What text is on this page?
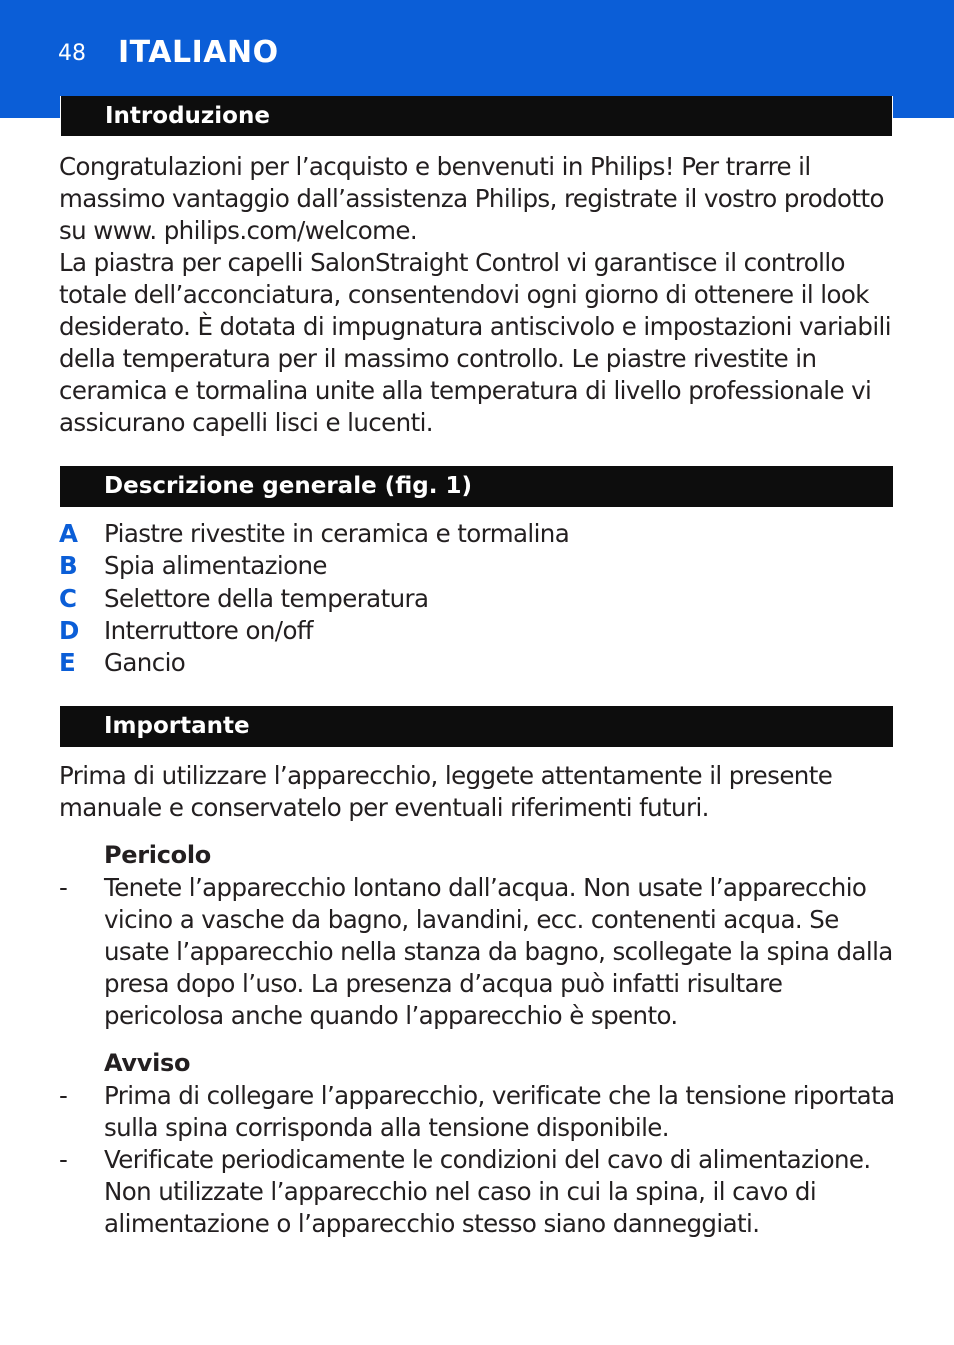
48 ITALIANO
Introduzione

Congratulazioni per l’acquisto e benvenuti in Philips! Per trarre il massimo vantaggio dall’assistenza Philips, registrate il vostro prodotto su www. philips.com/welcome.

La piastra per capelli SalonStraight Control vi garantisce il controllo totale dell’acconciatura, consentendovi ogni giorno di ottenere il look desiderato. È dotata di impugnatura antiscivolo e impostazioni variabili della temperatura per il massimo controllo. Le piastre rivestite in ceramica e tormalina unite alla temperatura di livello professionale vi assicurano capelli lisci e lucenti.

Descrizione generale (fig. 1)
A Piastre rivestite in ceramica e tormalina
B Spia alimentazione
C Selettore della temperatura
D Interruttore on/off
E Gancio
Importante
Prima di utilizzare l’apparecchio, leggete attentamente il presente manuale e conservatelo per eventuali riferimenti futuri.
Pericolo
-	Tenete l’apparecchio lontano dall’acqua. Non usate l’apparecchio vicino a vasche da bagno, lavandini, ecc. contenenti acqua. Se usate l’apparecchio nella stanza da bagno, scollegate la spina dalla presa dopo l’uso. La presenza d’acqua può infatti risultare pericolosa anche quando l’apparecchio è spento.
Avviso
-	Prima di collegare l’apparecchio, verificate che la tensione riportata sulla spina corrisponda alla tensione disponibile.
-	Verificate periodicamente le condizioni del cavo di alimentazione. Non utilizzate l’apparecchio nel caso in cui la spina, il cavo di alimentazione o l’apparecchio stesso siano danneggiati.
